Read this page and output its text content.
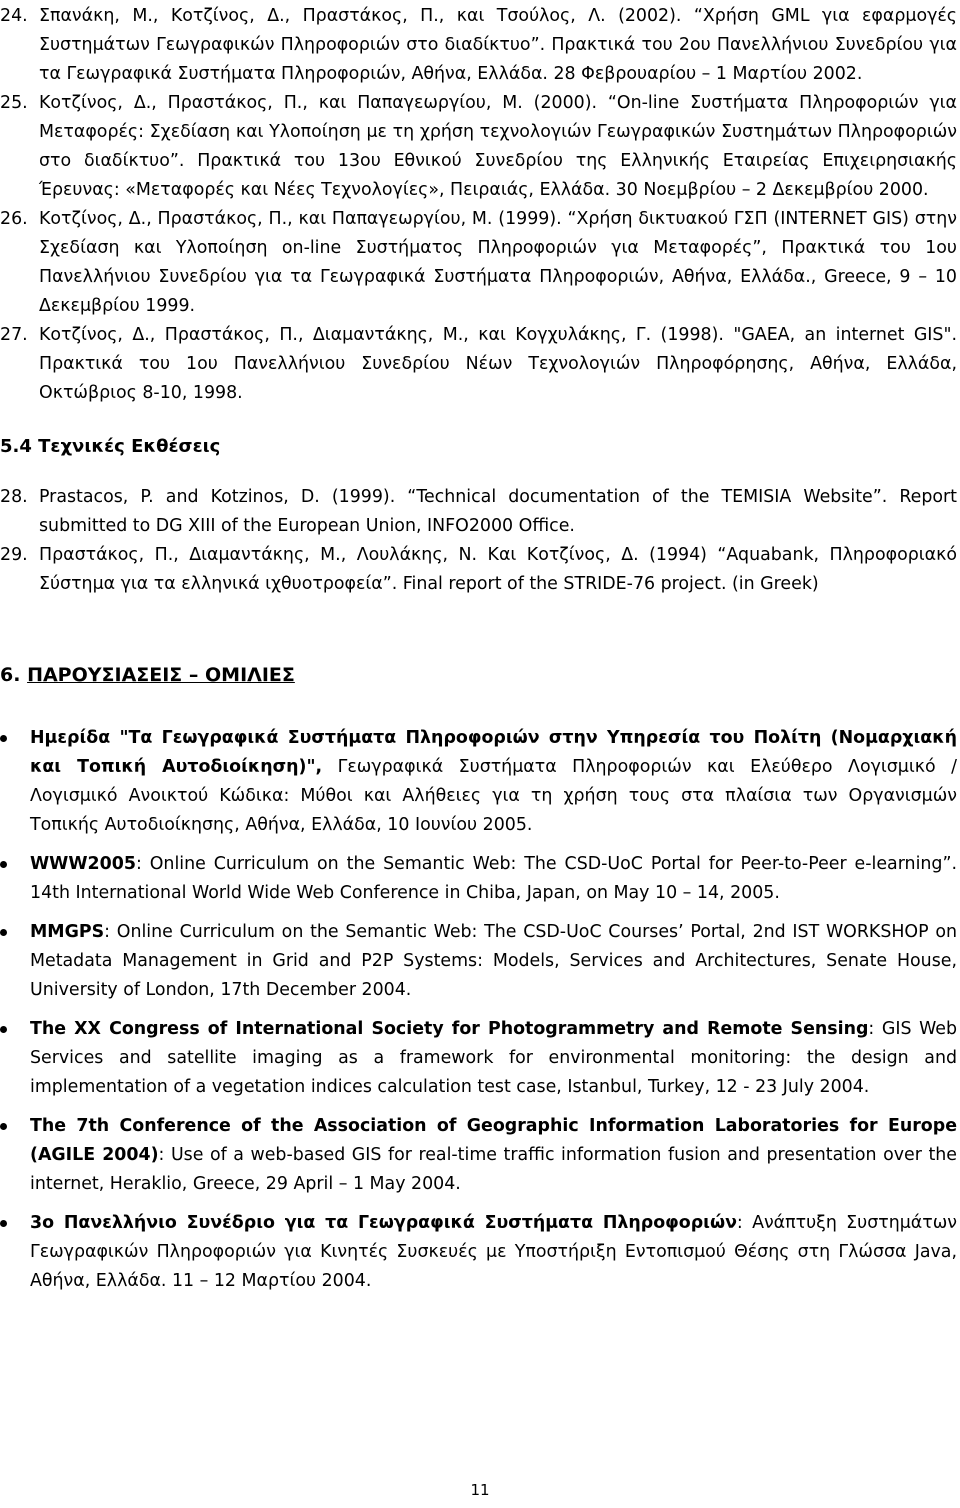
24. Σπανάκη, Μ., Κοτζίνος, Δ., Πραστάκος, Π., και Τσούλος, Λ. (2002). “Χρήση GML για εφαρμογές Συστημάτων Γεωγραφικών Πληροφοριών στο διαδίκτυο”. Πρακτικά του 2ου Πανελλήνιου Συνεδρίου για τα Γεωγραφικά Συστήματα Πληροφοριών, Αθήνα, Ελλάδα. 28 Φεβρουαρίου – 1 Μαρτίου 2002.

25. Κοτζίνος, Δ., Πραστάκος, Π., και Παπαγεωργίου, Μ. (2000). “On-line Συστήματα Πληροφοριών για Μεταφορές: Σχεδίαση και Υλοποίηση με τη χρήση τεχνολογιών Γεωγραφικών Συστημάτων Πληροφοριών στο διαδίκτυο”. Πρακτικά του 13ου Εθνικού Συνεδρίου της Ελληνικής Εταιρείας Επιχειρησιακής Έρευνας: «Μεταφορές και Νέες Τεχνολογίες», Πειραιάς, Ελλάδα. 30 Νοεμβρίου – 2 Δεκεμβρίου 2000.

26. Κοτζίνος, Δ., Πραστάκος, Π., και Παπαγεωργίου, Μ. (1999). “Χρήση δικτυακού ΓΣΠ (INTERNET GIS) στην Σχεδίαση και Υλοποίηση on-line Συστήματος Πληροφοριών για Μεταφορές”, Πρακτικά του 1ου Πανελλήνιου Συνεδρίου για τα Γεωγραφικά Συστήματα Πληροφοριών, Αθήνα, Ελλάδα., Greece, 9 – 10 Δεκεμβρίου 1999.

27. Κοτζίνος, Δ., Πραστάκος, Π., Διαμαντάκης, Μ., και Κογχυλάκης, Γ. (1998). "GAEA, an internet GIS". Πρακτικά του 1ου Πανελλήνιου Συνεδρίου Νέων Τεχνολογιών Πληροφόρησης, Αθήνα, Ελλάδα, Οκτώβριος 8-10, 1998.

5.4 Τεχνικές Εκθέσεις

28. Prastacos, P. and Kotzinos, D. (1999). “Technical documentation of the TEMISIA Website”. Report submitted to DG XIII of the European Union, INFO2000 Office.

29. Πραστάκος, Π., Διαμαντάκης, Μ., Λουλάκης, Ν. Και Κοτζίνος, Δ. (1994) “Aquabank, Πληροφοριακό Σύστημα για τα ελληνικά ιχθυοτροφεία”. Final report of the STRIDE-76 project. (in Greek)

6. ΠΑΡΟΥΣΙΑΣΕΙΣ – ΟΜΙΛΙΕΣ
Ημερίδα "Τα Γεωγραφικά Συστήματα Πληροφοριών στην Υπηρεσία του Πολίτη (Νομαρχιακή και Τοπική Αυτοδιοίκηση)", Γεωγραφικά Συστήματα Πληροφοριών και Ελεύθερο Λογισμικό / Λογισμικό Ανοικτού Κώδικα: Μύθοι και Αλήθειες για τη χρήση τους στα πλαίσια των Οργανισμών Τοπικής Αυτοδιοίκησης, Αθήνα, Ελλάδα, 10 Ιουνίου 2005.
WWW2005: Online Curriculum on the Semantic Web: The CSD-UoC Portal for Peer-to-Peer e-learning”. 14th International World Wide Web Conference in Chiba, Japan, on May 10 – 14, 2005.
MMGPS: Online Curriculum on the Semantic Web: The CSD-UoC Courses’ Portal, 2nd IST WORKSHOP on Metadata Management in Grid and P2P Systems: Models, Services and Architectures, Senate House, University of London, 17th December 2004.
The XX Congress of International Society for Photogrammetry and Remote Sensing: GIS Web Services and satellite imaging as a framework for environmental monitoring: the design and implementation of a vegetation indices calculation test case, Istanbul, Turkey, 12 - 23 July 2004.
The 7th Conference of the Association of Geographic Information Laboratories for Europe (AGILE 2004): Use of a web-based GIS for real-time traffic information fusion and presentation over the internet, Heraklio, Greece, 29 April – 1 May 2004.
3ο Πανελλήνιο Συνέδριο για τα Γεωγραφικά Συστήματα Πληροφοριών: Ανάπτυξη Συστημάτων Γεωγραφικών Πληροφοριών για Κινητές Συσκευές με Υποστήριξη Εντοπισμού Θέσης στη Γλώσσα Java, Αθήνα, Ελλάδα. 11 – 12 Μαρτίου 2004.
11
